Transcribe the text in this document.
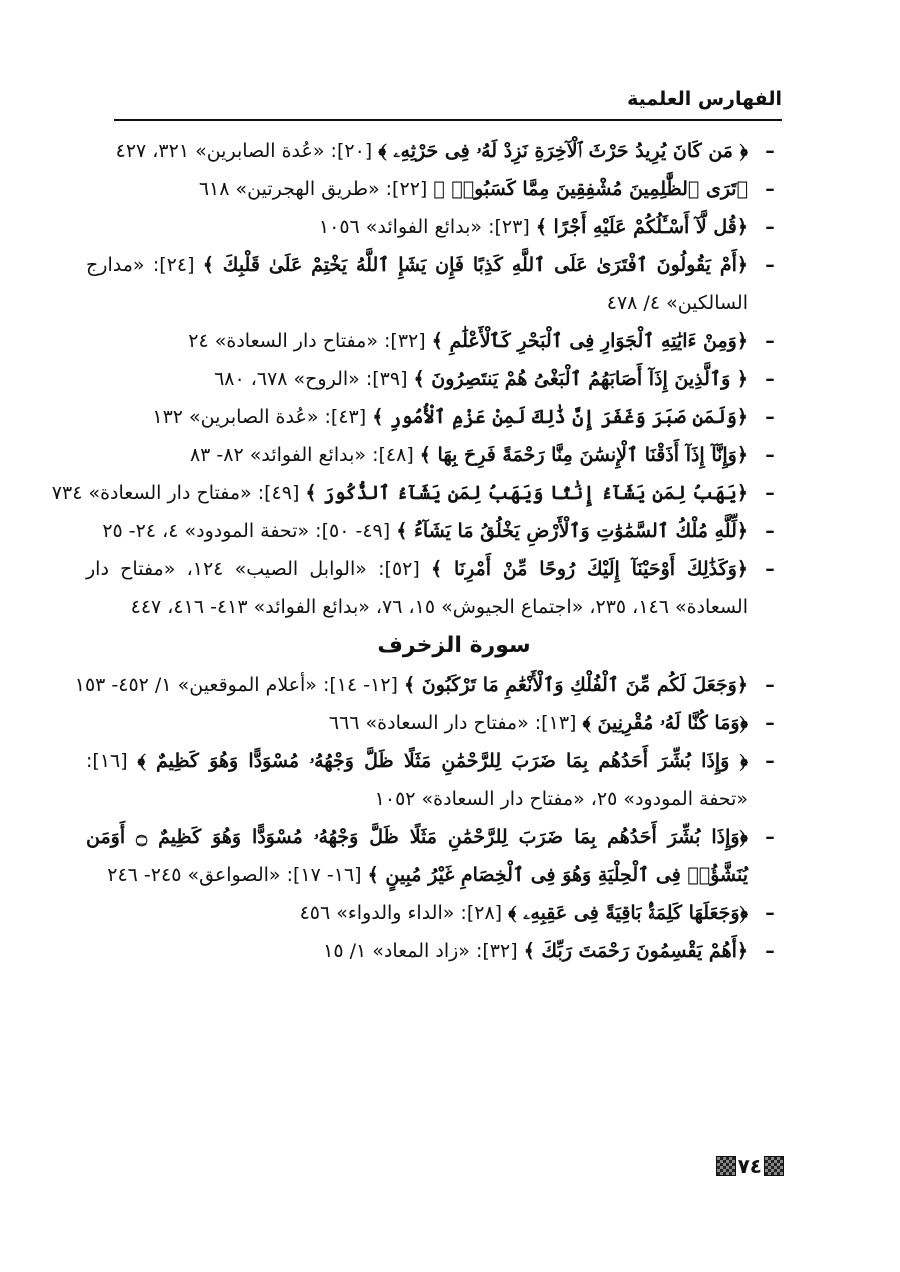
الفهارس العلمية
–
﴿ مَن كَانَ يُرِيدُ حَرْثَ ٱلْآخِرَةِ نَزِدْ لَهُۥ فِى حَرْثِهِۦ ﴾ [٢٠]: «عُدة الصابرين» ٣٢١، ٤٢٧
–
﴿تَرَى ٱلظَّٰلِمِينَ مُشْفِقِينَ مِمَّا كَسَبُوا۟ ﴾ [٢٢]: «طريق الهجرتين» ٦١٨
–
﴿قُل لَّآ أَسْـَٔلُكُمْ عَلَيْهِ أَجْرًا ﴾ [٢٣]: «بدائع الفوائد» ١٠٥٦
–
﴿أَمْ يَقُولُونَ ٱفْتَرَىٰ عَلَى ٱللَّهِ كَذِبًا فَإِن يَشَإِ ٱللَّهُ يَخْتِمْ عَلَىٰ قَلْبِكَ ﴾ [٢٤]: «مدارج السالكين» ٤/ ٤٧٨
–
﴿وَمِنْ ءَايَٰتِهِ ٱلْجَوَارِ فِى ٱلْبَحْرِ كَٱلْأَعْلَٰمِ ﴾ [٣٢]: «مفتاح دار السعادة» ٢٤
–
﴿ وَٱلَّذِينَ إِذَآ أَصَابَهُمُ ٱلْبَغْىُ هُمْ يَنتَصِرُونَ ﴾ [٣٩]: «الروح» ٦٧٨، ٦٨٠
–
﴿وَلَمَن صَبَرَ وَغَفَرَ إِنَّ ذَٰلِكَ لَمِنْ عَزْمِ ٱلْأُمُورِ ﴾ [٤٣]: «عُدة الصابرين» ١٣٢
–
﴿وَإِنَّآ إِذَآ أَذَقْنَا ٱلْإِنسَٰنَ مِنَّا رَحْمَةً فَرِحَ بِهَا ﴾ [٤٨]: «بدائع الفوائد» ٨٢- ٨٣
–
﴿يَهَبُ لِمَن يَشَآءُ إِنَٰثًا وَيَهَبُ لِمَن يَشَآءُ ٱلذُّكُورَ ﴾ [٤٩]: «مفتاح دار السعادة» ٧٣٤
–
﴿لِّلَّهِ مُلْكُ ٱلسَّمَٰوَٰتِ وَٱلْأَرْضِ يَخْلُقُ مَا يَشَآءُ ﴾ [٤٩- ٥٠]: «تحفة المودود» ٤، ٢٤- ٢٥
–
﴿وَكَذَٰلِكَ أَوْحَيْنَآ إِلَيْكَ رُوحًا مِّنْ أَمْرِنَا ﴾ [٥٢]: «الوابل الصيب» ١٢٤، «مفتاح دار السعادة» ١٤٦، ٢٣٥، «اجتماع الجيوش» ١٥، ٧٦، «بدائع الفوائد» ٤١٣- ٤١٦، ٤٤٧
سورة الزخرف
–
﴿وَجَعَلَ لَكُم مِّنَ ٱلْفُلْكِ وَٱلْأَنْعَٰمِ مَا تَرْكَبُونَ ﴾ [١٢- ١٤]: «أعلام الموقعين» ١/ ٤٥٢- ١٥٣
–
﴿وَمَا كُنَّا لَهُۥ مُقْرِنِينَ ﴾ [١٣]: «مفتاح دار السعادة» ٦٦٦
–
﴿ وَإِذَا بُشِّرَ أَحَدُهُم بِمَا ضَرَبَ لِلرَّحْمَٰنِ مَثَلًا ظَلَّ وَجْهُهُۥ مُسْوَدًّا وَهُوَ كَظِيمٌ ﴾ [١٦]: «تحفة المودود» ٢٥، «مفتاح دار السعادة» ١٠٥٢
–
﴿وَإِذَا بُشِّرَ أَحَدُهُم بِمَا ضَرَبَ لِلرَّحْمَٰنِ مَثَلًا ظَلَّ وَجْهُهُۥ مُسْوَدًّا وَهُوَ كَظِيمٌ ۝ أَوَمَن يُنَشَّؤُا۟ فِى ٱلْحِلْيَةِ وَهُوَ فِى ٱلْخِصَامِ غَيْرُ مُبِينٍ ﴾ [١٦- ١٧]: «الصواعق» ٢٤٥- ٢٤٦
–
﴿وَجَعَلَهَا كَلِمَةًۢ بَاقِيَةً فِى عَقِبِهِۦ ﴾ [٢٨]: «الداء والدواء» ٤٥٦
–
﴿أَهُمْ يَقْسِمُونَ رَحْمَتَ رَبِّكَ ﴾ [٣٢]: «زاد المعاد» ١/ ١٥
٧٤
